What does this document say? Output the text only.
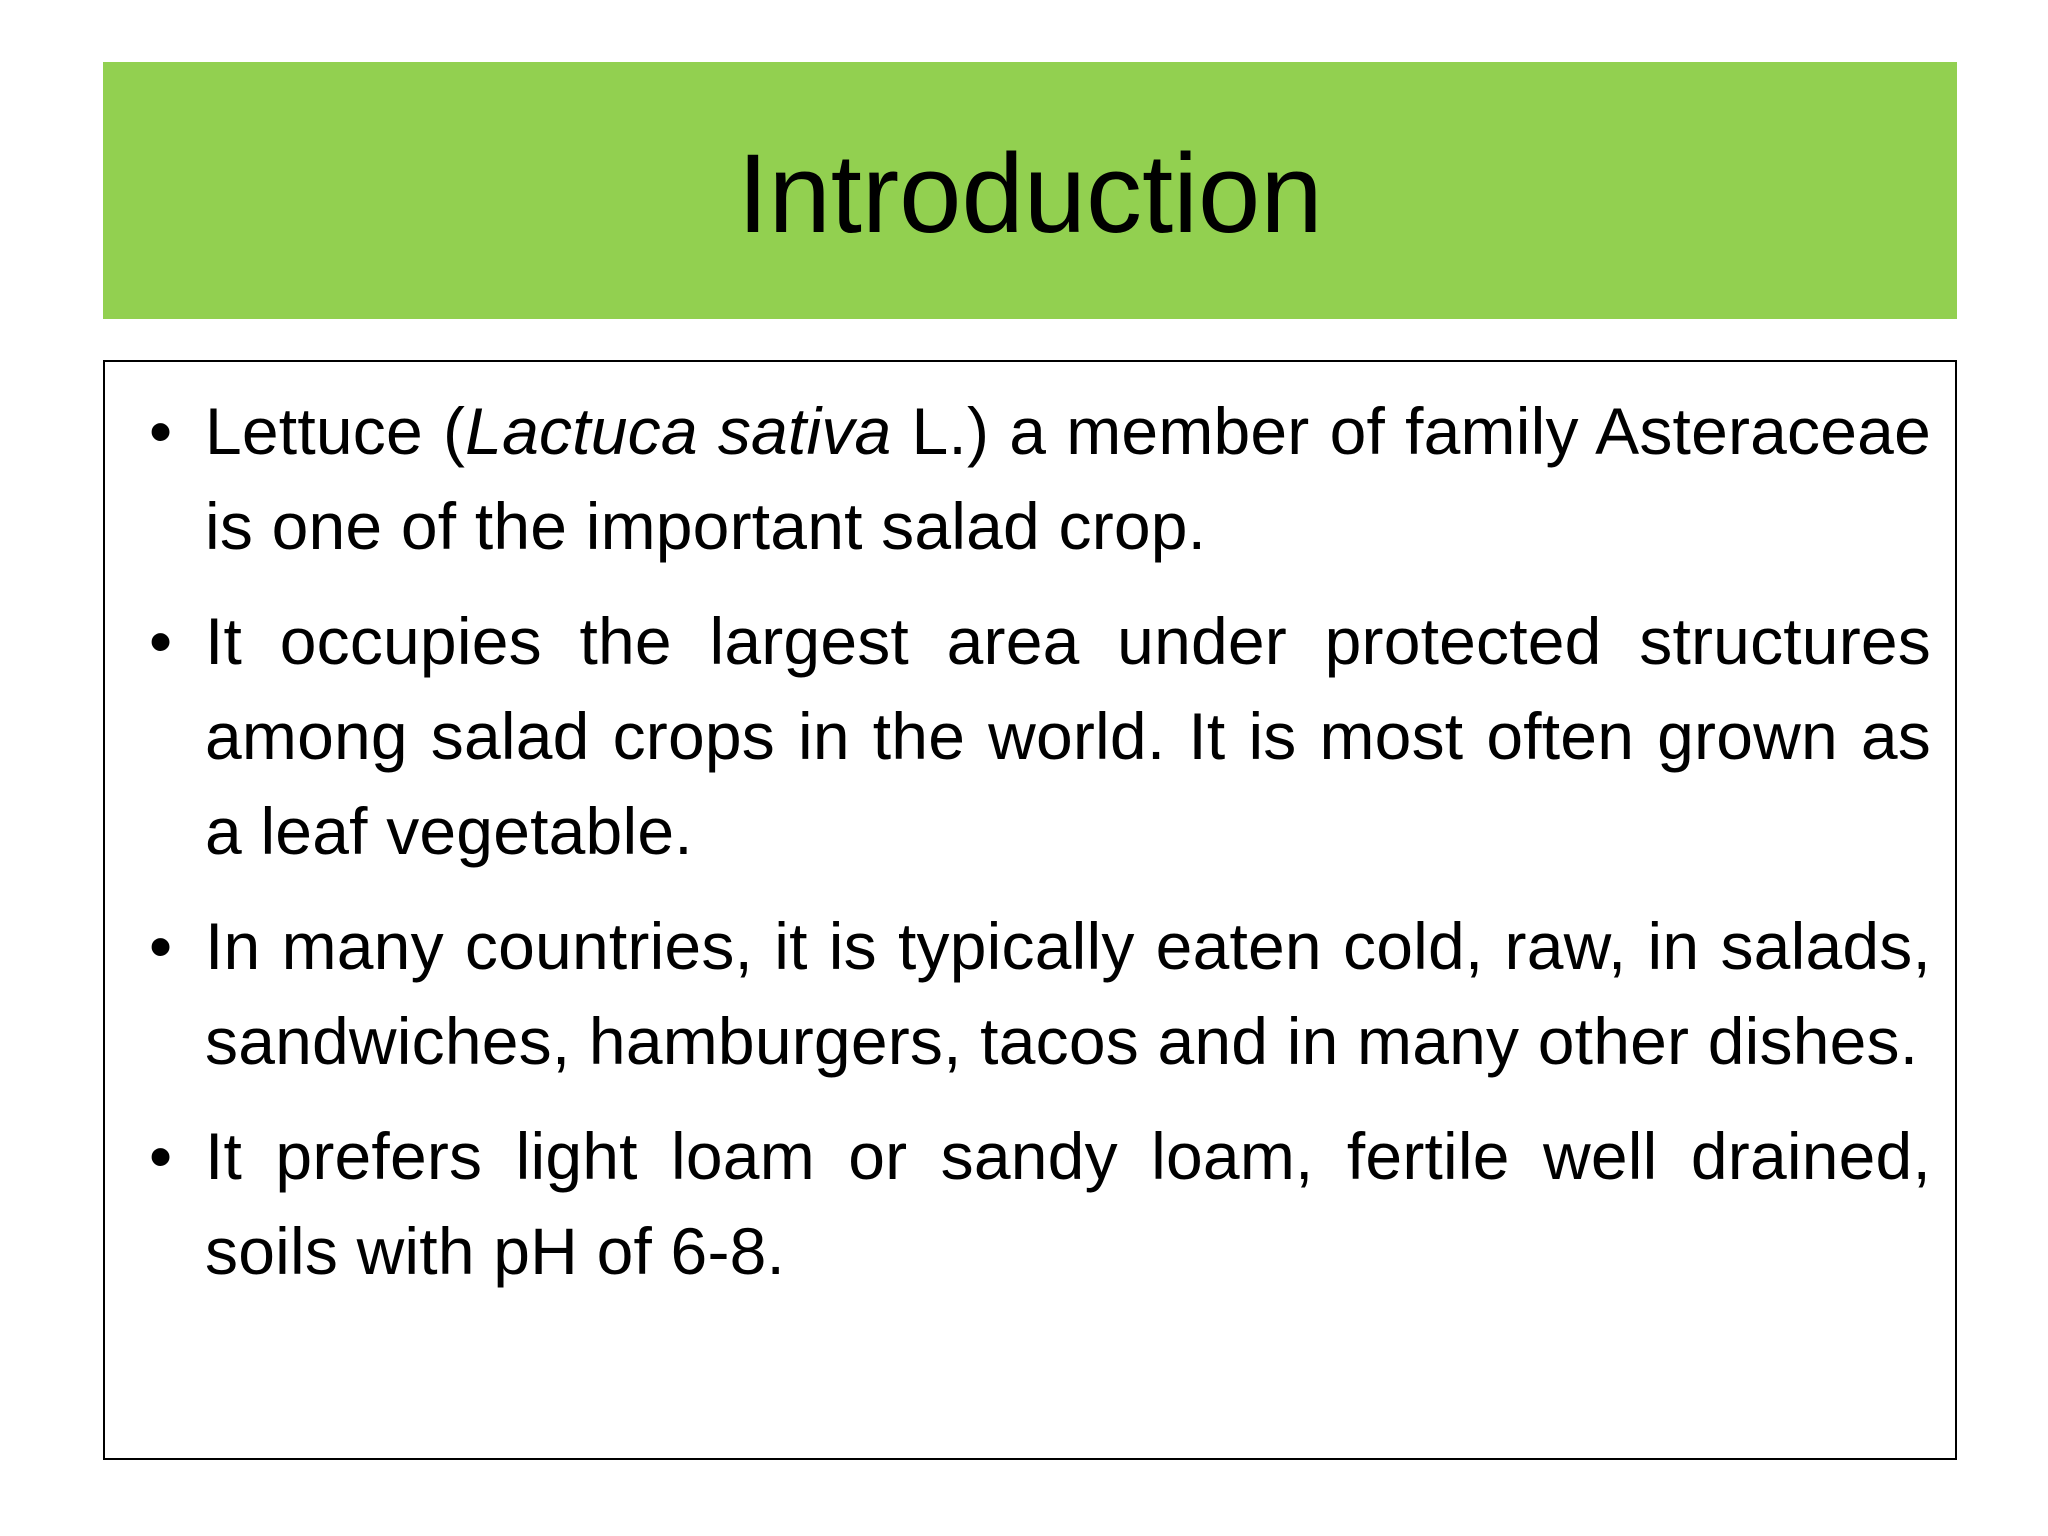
Introduction
• Lettuce (Lactuca sativa L.) a member of family Asteraceae is one of the important salad crop.
• It occupies the largest area under protected structures among salad crops in the world. It is most often grown as a leaf vegetable.
• In many countries, it is typically eaten cold, raw, in salads, sandwiches, hamburgers, tacos and in many other dishes.
• It prefers light loam or sandy loam, fertile well drained, soils with pH of 6-8.
